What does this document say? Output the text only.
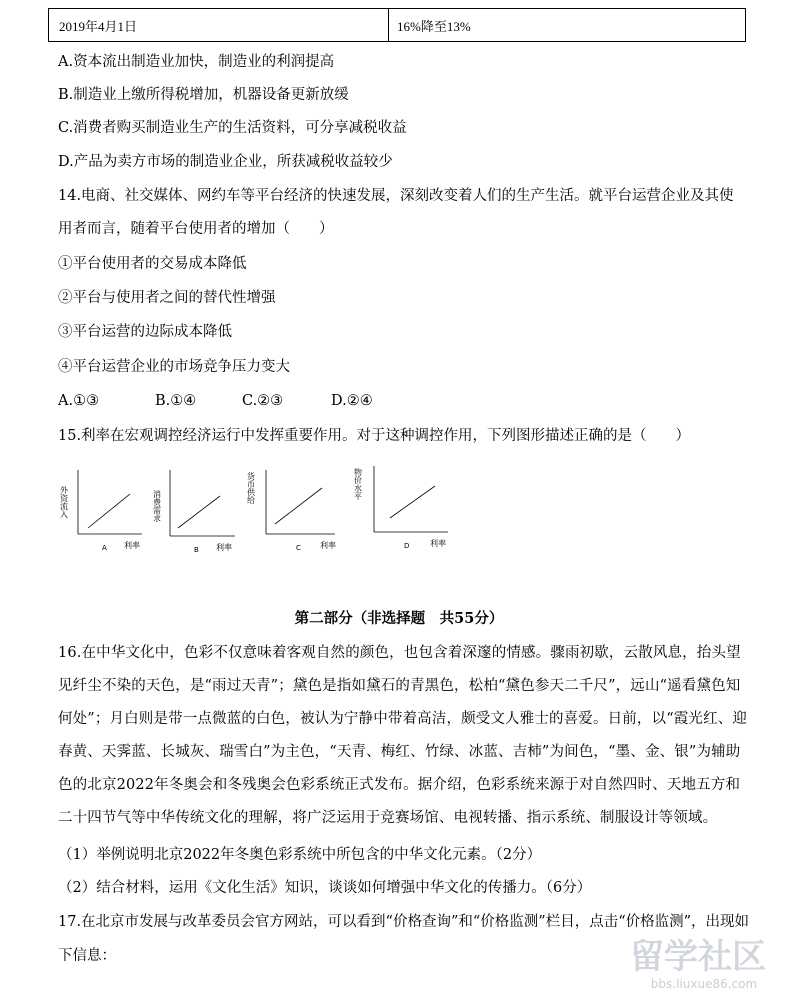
2019年4月1日	16%降至13%
A.资本流出制造业加快，制造业的利润提高
B.制造业上缴所得税增加，机器设备更新放缓
C.消费者购买制造业生产的生活资料，可分享减税收益
D.产品为卖方市场的制造业企业，所获减税收益较少
14.电商、社交媒体、网约车等平台经济的快速发展，深刻改变着人们的生产生活。就平台运营企业及其使
用者而言，随着平台使用者的增加（　　）
①平台使用者的交易成本降低
②平台与使用者之间的替代性增强
③平台运营的边际成本降低
④平台运营企业的市场竞争压力变大
A.①③	B.①④	C.②③	D.②④
15.利率在宏观调控经济运行中发挥重要作用。对于这种调控作用，下列图形描述正确的是（　　）
外资流入
A 利率
消费需求
B 利率
货币供给
C 利率
物价水平
D	利率
第二部分（非选择题　共55分）
16.在中华文化中，色彩不仅意味着客观自然的颜色，也包含着深邃的情感。骤雨初歇，云散风息，抬头望
见纤尘不染的天色，是“雨过天青”；黛色是指如黛石的青黑色，松柏“黛色参天二千尺”，远山“遥看黛色知
何处”；月白则是带一点微蓝的白色，被认为宁静中带着高洁，颇受文人雅士的喜爱。日前，以“霞光红、迎
春黄、天霁蓝、长城灰、瑞雪白”为主色，“天青、梅红、竹绿、冰蓝、吉柿”为间色，“墨、金、银”为辅助
色的北京2022年冬奥会和冬残奥会色彩系统正式发布。据介绍，色彩系统来源于对自然四时、天地五方和
二十四节气等中华传统文化的理解，将广泛运用于竞赛场馆、电视转播、指示系统、制服设计等领域。
（1）举例说明北京2022年冬奥色彩系统中所包含的中华文化元素。（2分）
（2）结合材料，运用《文化生活》知识，谈谈如何增强中华文化的传播力。（6分）
17.在北京市发展与改革委员会官方网站，可以看到“价格查询”和“价格监测”栏目，点击“价格监测”，出现如
下信息：	留学社区
bbs.liuxue86.com
